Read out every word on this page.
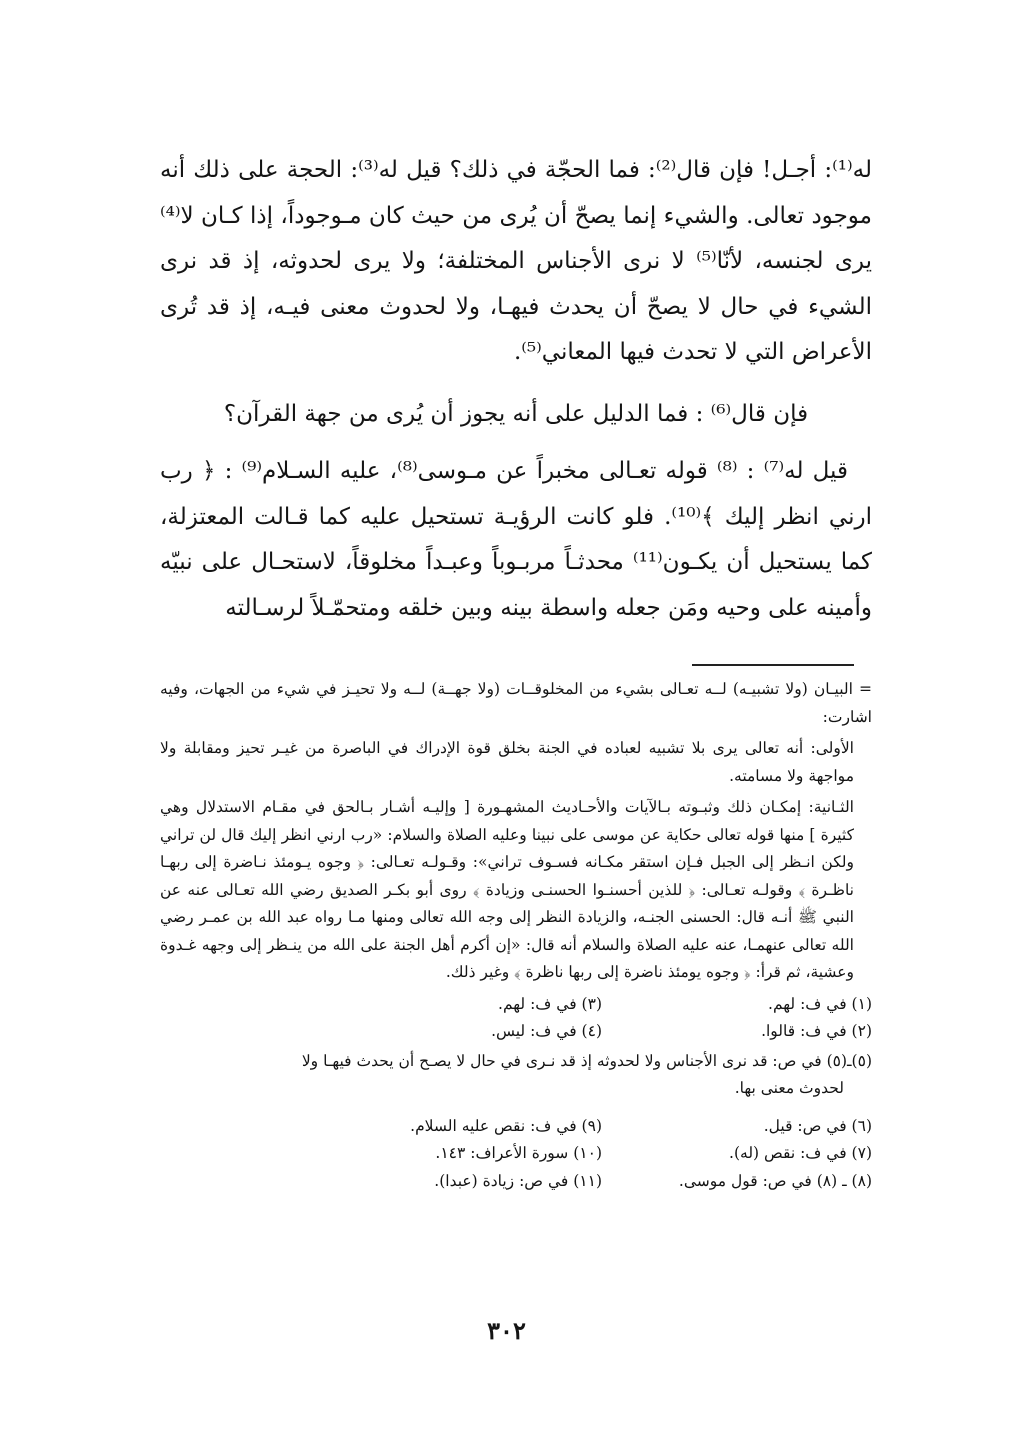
له⁽¹⁾: أجـل! فإن قال⁽²⁾: فما الحجّة في ذلك؟ قيل له⁽³⁾: الحجة على ذلك أنه موجود تعالى. والشيء إنما يصحّ أن يُرى من حيث كان مـوجوداً، إذا كـان لا⁽⁴⁾ يرى لجنسه، لأنّا⁽⁵⁾ لا نرى الأجناس المختلفة؛ ولا يرى لحدوثه، إذ قد نرى الشيء في حال لا يصحّ أن يحدث فيهـا، ولا لحدوث معنى فيـه، إذ قد تُرى الأعراض التي لا تحدث فيها المعاني⁽⁵⁾.

فإن قال⁽⁶⁾ : فما الدليل على أنه يجوز أن يُرى من جهة القرآن؟

قيل له⁽⁷⁾ : ⁽⁸⁾ قوله تعـالى مخبراً عن مـوسى⁽⁸⁾، عليه السـلام⁽⁹⁾ : ﴿ رب ارني انظر إليك ﴾⁽¹⁰⁾. فلو كانت الرؤيـة تستحيل عليه كما قـالت المعتزلة، كما يستحيل أن يكـون⁽¹¹⁾ محدثـاً مربـوباً وعبـداً مخلوقاً، لاستحـال على نبيّه وأمينه على وحيه ومَن جعله واسطة بينه وبين خلقه ومتحمّـلاً لرسـالته

= البيـان (ولا تشبيـه) لــه تعـالى بشيء من المخلوقــات (ولا جهــة) لــه ولا تحيـز في شيء من الجهات، وفيه اشارت:

الأولى: أنه تعالى يرى بلا تشبيه لعباده في الجنة بخلق قوة الإدراك في الباصرة من غيـر تحيز ومقابلة ولا مواجهة ولا مسامته.

الثـانية: إمكـان ذلك وثبـوته بـالآيات والأحـاديث المشهـورة [ وإليـه أشـار بـالحق في مقـام الاستدلال وهي كثيرة ] منها قوله تعالى حكاية عن موسى على نبينا وعليه الصلاة والسلام: «رب ارني انظر إليك قال لن تراني ولكن انـظر إلى الجبل فـإن استقر مكـانه فسـوف تراني»: وقـولـه تعـالى: ﴿ وجوه يـومئذ نـاضرة إلى ربهـا ناظـرة ﴾ وقولـه تعـالى: ﴿ للذين أحسنـوا الحسنـى وزيادة ﴾ روى أبو بكـر الصديق رضي الله تعـالى عنه عن النبي ﷺ أنـه قال: الحسنى الجنـه، والزيادة النظر إلى وجه الله تعالى ومنها مـا رواه عبد الله بن عمـر رضي الله تعالى عنهمـا، عنه عليه الصلاة والسلام أنه قال: «إن أكرم أهل الجنة على الله من ينـظر إلى وجهه غـدوة وعشية، ثم قرأ: ﴿ وجوه يومئذ ناضرة إلى ربها ناظرة ﴾ وغير ذلك.

(١) في ف: لهم.
(٣) في ف: لهم.
(٢) في ف: قالوا.
(٤) في ف: ليس.
(٥)ـ(٥) في ص: قد نرى الأجناس ولا لحدوثه إذ قد نـرى في حال لا يصـح أن يحدث فيهـا ولا
لحدوث معنى بها.
(٦) في ص: قيل.
(٩) في ف: نقص عليه السلام.
(٧) في ف: نقص (له).
(١٠) سورة الأعراف: ١٤٣.
(٨) ـ (٨) في ص: قول موسى.
(١١) في ص: زيادة (عبدا).
٣٠٢
